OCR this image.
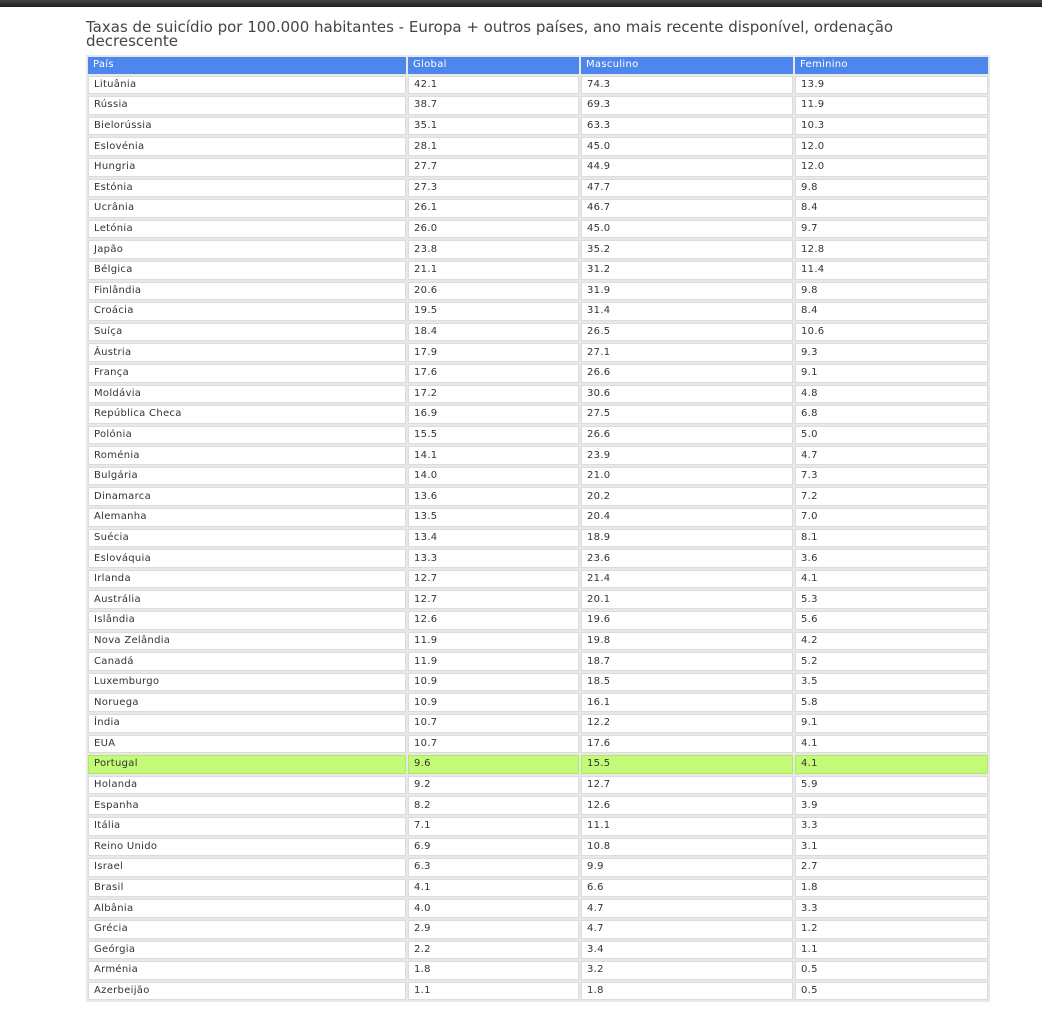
Taxas de suicídio por 100.000 habitantes - Europa + outros países, ano mais recente disponível, ordenação decrescente

País	Global	Masculino	Feminino
Lituânia	42.1	74.3	13.9
Rússia	38.7	69.3	11.9
Bielorússia	35.1	63.3	10.3
Eslovénia	28.1	45.0	12.0
Hungria	27.7	44.9	12.0
Estónia	27.3	47.7	9.8
Ucrânia	26.1	46.7	8.4
Letónia	26.0	45.0	9.7
Japão	23.8	35.2	12.8
Bélgica	21.1	31.2	11.4
Finlândia	20.6	31.9	9.8
Croácia	19.5	31.4	8.4
Suíça	18.4	26.5	10.6
Áustria	17.9	27.1	9.3
França	17.6	26.6	9.1
Moldávia	17.2	30.6	4.8
República Checa	16.9	27.5	6.8
Polónia	15.5	26.6	5.0
Roménia	14.1	23.9	4.7
Bulgária	14.0	21.0	7.3
Dinamarca	13.6	20.2	7.2
Alemanha	13.5	20.4	7.0
Suécia	13.4	18.9	8.1
Eslováquia	13.3	23.6	3.6
Irlanda	12.7	21.4	4.1
Austrália	12.7	20.1	5.3
Islândia	12.6	19.6	5.6
Nova Zelândia	11.9	19.8	4.2
Canadá	11.9	18.7	5.2
Luxemburgo	10.9	18.5	3.5
Noruega	10.9	16.1	5.8
Índia	10.7	12.2	9.1
EUA	10.7	17.6	4.1
Portugal	9.6	15.5	4.1
Holanda	9.2	12.7	5.9
Espanha	8.2	12.6	3.9
Itália	7.1	11.1	3.3
Reino Unido	6.9	10.8	3.1
Israel	6.3	9.9	2.7
Brasil	4.1	6.6	1.8
Albânia	4.0	4.7	3.3
Grécia	2.9	4.7	1.2
Geórgia	2.2	3.4	1.1
Arménia	1.8	3.2	0.5
Azerbeijão	1.1	1.8	0.5
